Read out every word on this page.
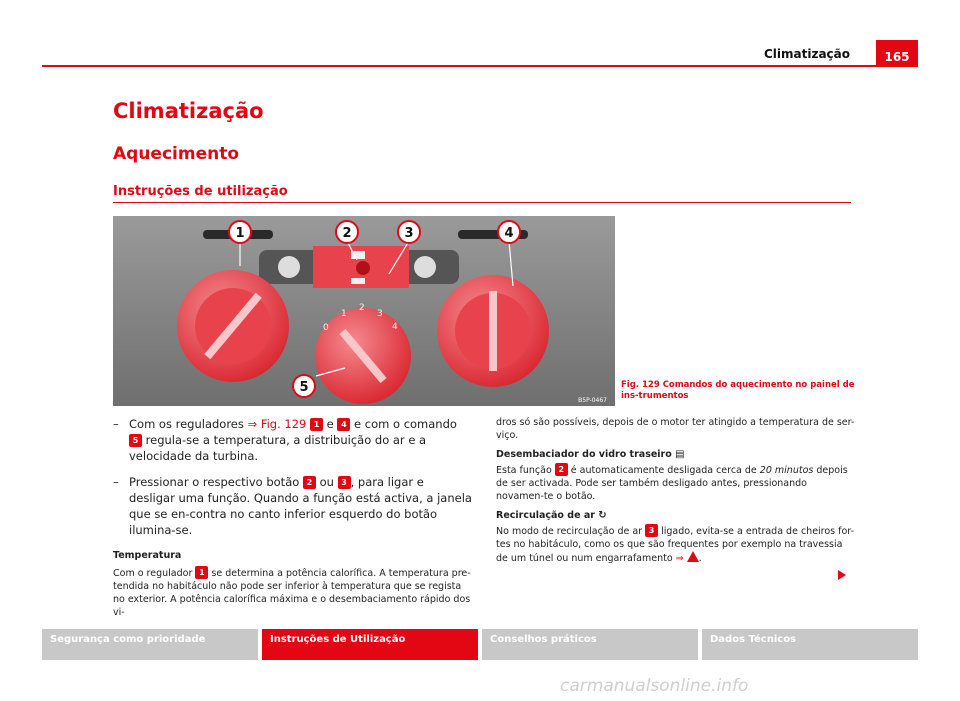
Climatização	165
Climatização
Aquecimento
Instruções de utilização
0
1
2
3
4
1	2	3	4
5
B5P-0467
Fig. 129 Comandos do aquecimento no painel de ins-trumentos
– Com os reguladores ⇒ Fig. 129 1 e 4 e com o comando 5 regula-se a temperatura, a distribuição do ar e a velocidade da turbina.
– Pressionar o respectivo botão 2 ou 3 , para ligar e desligar uma função. Quando a função está activa, a janela que se en-contra no canto inferior esquerdo do botão ilumina-se.
Temperatura
Com o regulador 1 se determina a potência calorífica. A temperatura pre-tendida no habitáculo não pode ser inferior à temperatura que se regista no exterior. A potência calorífica máxima e o desembaciamento rápido dos vi-
dros só são possíveis, depois de o motor ter atingido a temperatura de ser-viço.
Desembaciador do vidro traseiro ▤
Esta função 2 é automaticamente desligada cerca de 20 minutos depois de ser activada. Pode ser também desligado antes, pressionando novamen-te o botão.
Recirculação de ar ↻
No modo de recirculação de ar 3 ligado, evita-se a entrada de cheiros for-tes no habitáculo, como os que são frequentes por exemplo na travessia de um túnel ou num engarrafamento ⇒ .
Segurança como prioridade	Instruções de Utilização	Conselhos práticos	Dados Técnicos
carmanualsonline.info
